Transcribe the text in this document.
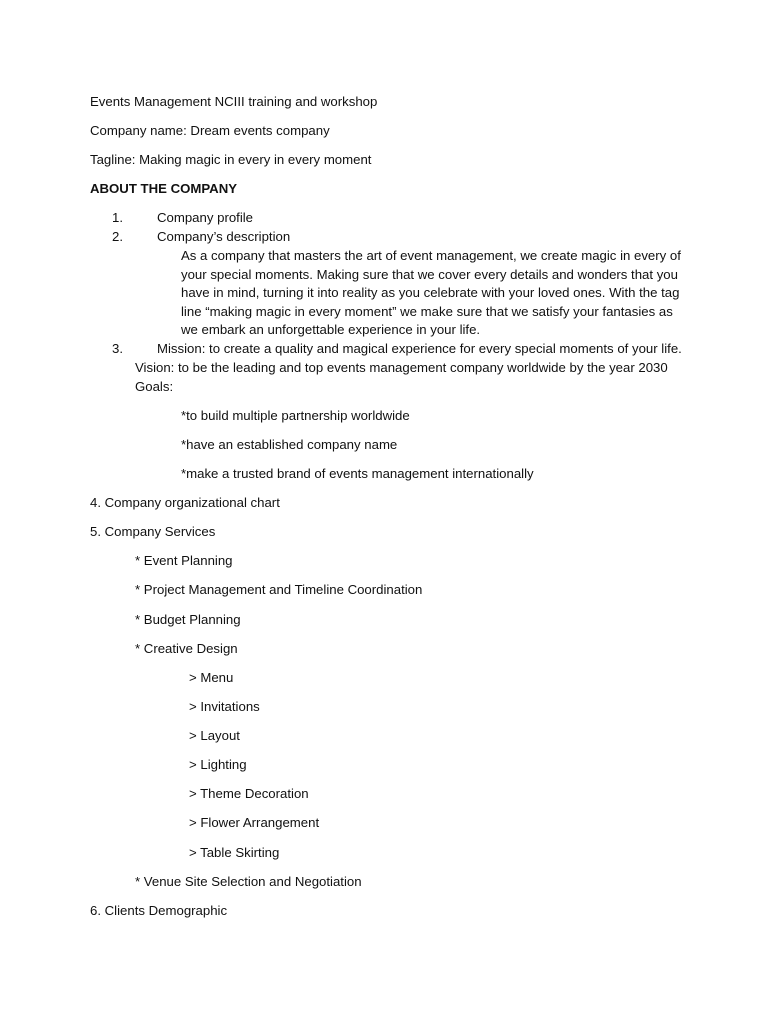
Events Management NCIII training and workshop

Company name: Dream events company

Tagline: Making magic in every in every moment

ABOUT THE COMPANY

1.	Company profile

2.	Company’s description

As a company that masters the art of event management, we create magic in every of your special moments. Making sure that we cover every details and wonders that you have in mind, turning it into reality as you celebrate with your loved ones. With the tag line “making magic in every moment” we make sure that we satisfy your fantasies as we embark an unforgettable experience in your life.

3.	Mission: to create a quality and magical experience for every special moments of your life.

Vision: to be the leading and top events management company worldwide by the year 2030

Goals:

*to build multiple partnership worldwide

*have an established company name

*make a trusted brand of events management internationally

4. Company organizational chart

5. Company Services

* Event Planning

* Project Management and Timeline Coordination

* Budget Planning

* Creative Design

> Menu

> Invitations

> Layout

> Lighting

> Theme Decoration

> Flower Arrangement

> Table Skirting

* Venue Site Selection and Negotiation

6. Clients Demographic
